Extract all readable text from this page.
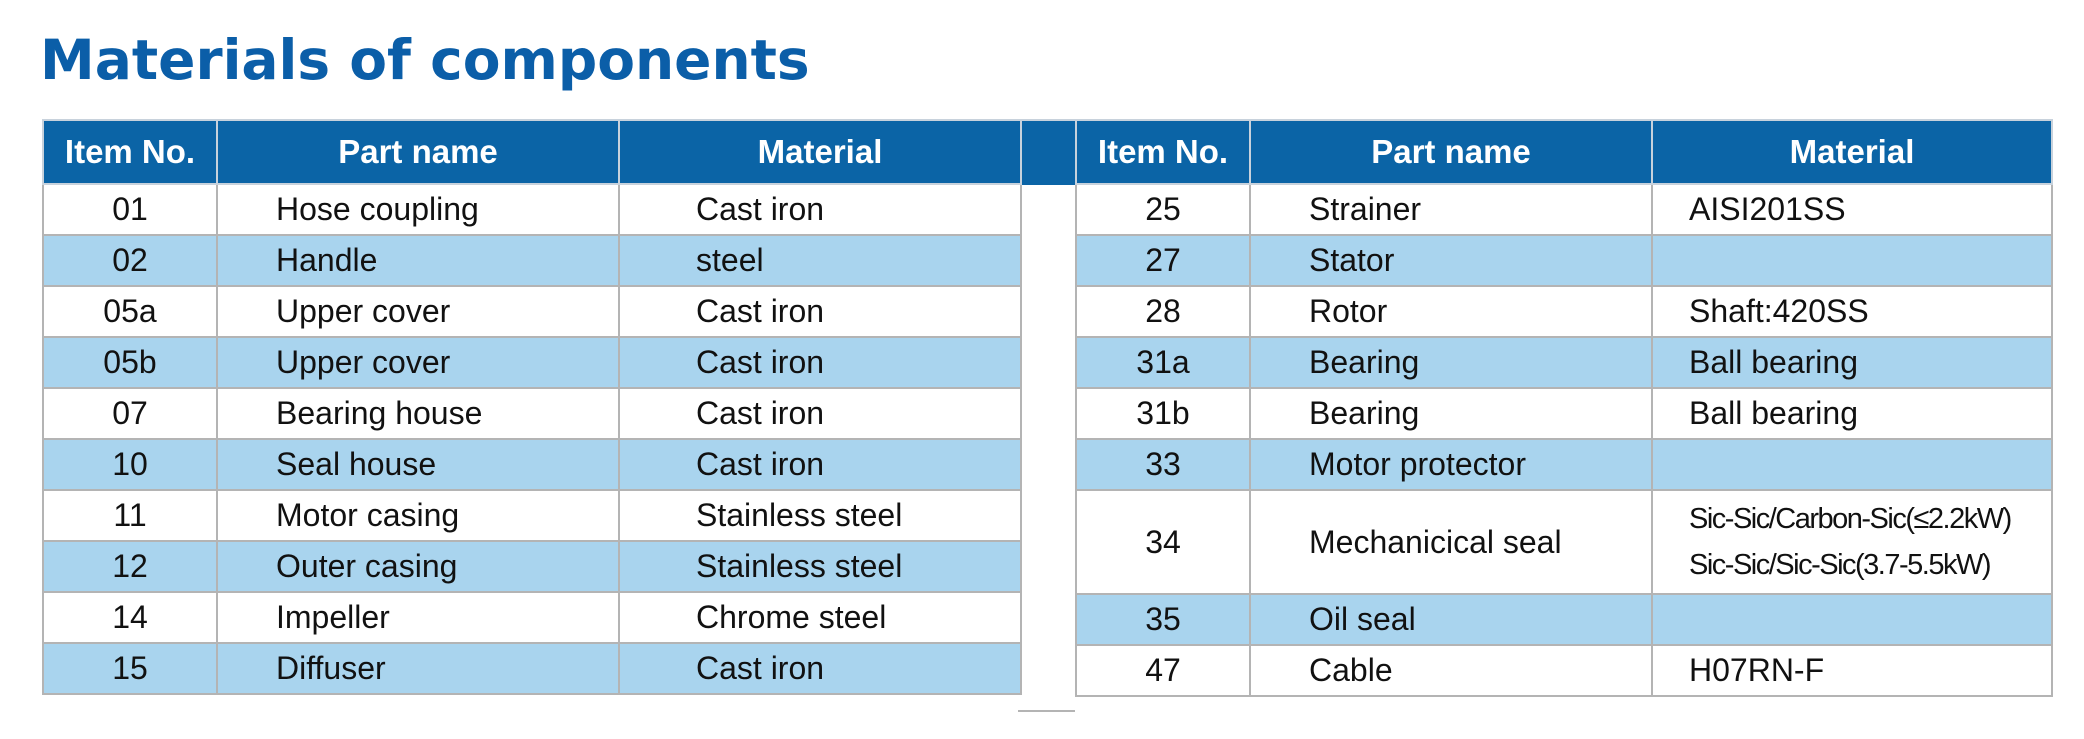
Materials of components
Item No.	Part name	Material
01	Hose coupling	Cast iron
02	Handle	steel
05a	Upper cover	Cast iron
05b	Upper cover	Cast iron
07	Bearing house	Cast iron
10	Seal house	Cast iron
11	Motor casing	Stainless steel
12	Outer casing	Stainless steel
14	Impeller	Chrome steel
15	Diffuser	Cast iron
Item No.	Part name	Material
25	Strainer	AISI201SS
27	Stator	
28	Rotor	Shaft:420SS
31a	Bearing	Ball bearing
31b	Bearing	Ball bearing
33	Motor protector	
34	Mechanicical seal	Sic-Sic/Carbon-Sic(≤2.2kW)
Sic-Sic/Sic-Sic(3.7-5.5kW)

35	Oil seal	
47	Cable	H07RN-F
